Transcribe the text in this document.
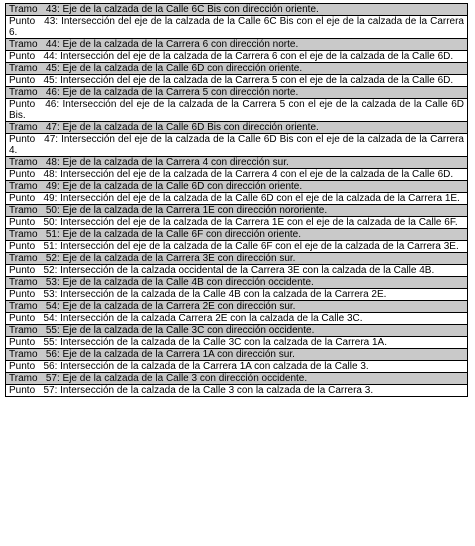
Tramo   43: Eje de la calzada de la Calle 6C Bis con dirección oriente.
Punto   43: Intersección del eje de la calzada de la Calle 6C Bis con el eje de la calzada de la Carrera 6.
Tramo   44: Eje de la calzada de la Carrera 6 con dirección norte.
Punto   44: Intersección del eje de la calzada de la Carrera 6 con el eje de la calzada de la Calle 6D.
Tramo   45: Eje de la calzada de la Calle 6D con dirección oriente.
Punto   45: Intersección del eje de la calzada de la Carrera 5 con el eje de la calzada de la Calle 6D.
Tramo   46: Eje de la calzada de la Carrera 5 con dirección norte.
Punto   46: Intersección del eje de la calzada de la Carrera 5 con el eje de la calzada de la Calle 6D Bis.
Tramo   47: Eje de la calzada de la Calle 6D Bis con dirección oriente.
Punto   47: Intersección del eje de la calzada de la Calle 6D Bis con el eje de la calzada de la Carrera 4.
Tramo   48: Eje de la calzada de la Carrera 4 con dirección sur.
Punto   48: Intersección del eje de la calzada de la Carrera 4 con el eje de la calzada de la Calle 6D.
Tramo   49: Eje de la calzada de la Calle 6D con dirección oriente.
Punto   49: Intersección del eje de la calzada de la Calle 6D con el eje de la calzada de la Carrera 1E.
Tramo   50: Eje de la calzada de la Carrera 1E con dirección nororiente.
Punto   50: Intersección del eje de la calzada de la Carrera 1E con el eje de la calzada de la Calle 6F.
Tramo   51: Eje de la calzada de la Calle 6F con dirección oriente.
Punto   51: Intersección del eje de la calzada de la Calle 6F con el eje de la calzada de la Carrera 3E.
Tramo   52: Eje de la calzada de la Carrera 3E con dirección sur.
Punto   52: Intersección de la calzada occidental de la Carrera 3E con la calzada de la Calle 4B.
Tramo   53: Eje de la calzada de la Calle 4B con dirección occidente.
Punto   53: Intersección de la calzada de la Calle 4B con la calzada de la Carrera 2E.
Tramo   54: Eje de la calzada de la Carrera 2E con dirección sur.
Punto   54: Intersección de la calzada Carrera 2E con la calzada de la Calle 3C.
Tramo   55: Eje de la calzada de la Calle 3C con dirección occidente.
Punto   55: Intersección de la calzada de la Calle 3C con la calzada de la Carrera 1A.
Tramo   56: Eje de la calzada de la Carrera 1A con dirección sur.
Punto   56: Intersección de la calzada de la Carrera 1A con calzada de la Calle 3.
Tramo   57: Eje de la calzada de la Calle 3 con dirección occidente.
Punto   57: Intersección de la calzada de la Calle 3 con la calzada de la Carrera 3.
